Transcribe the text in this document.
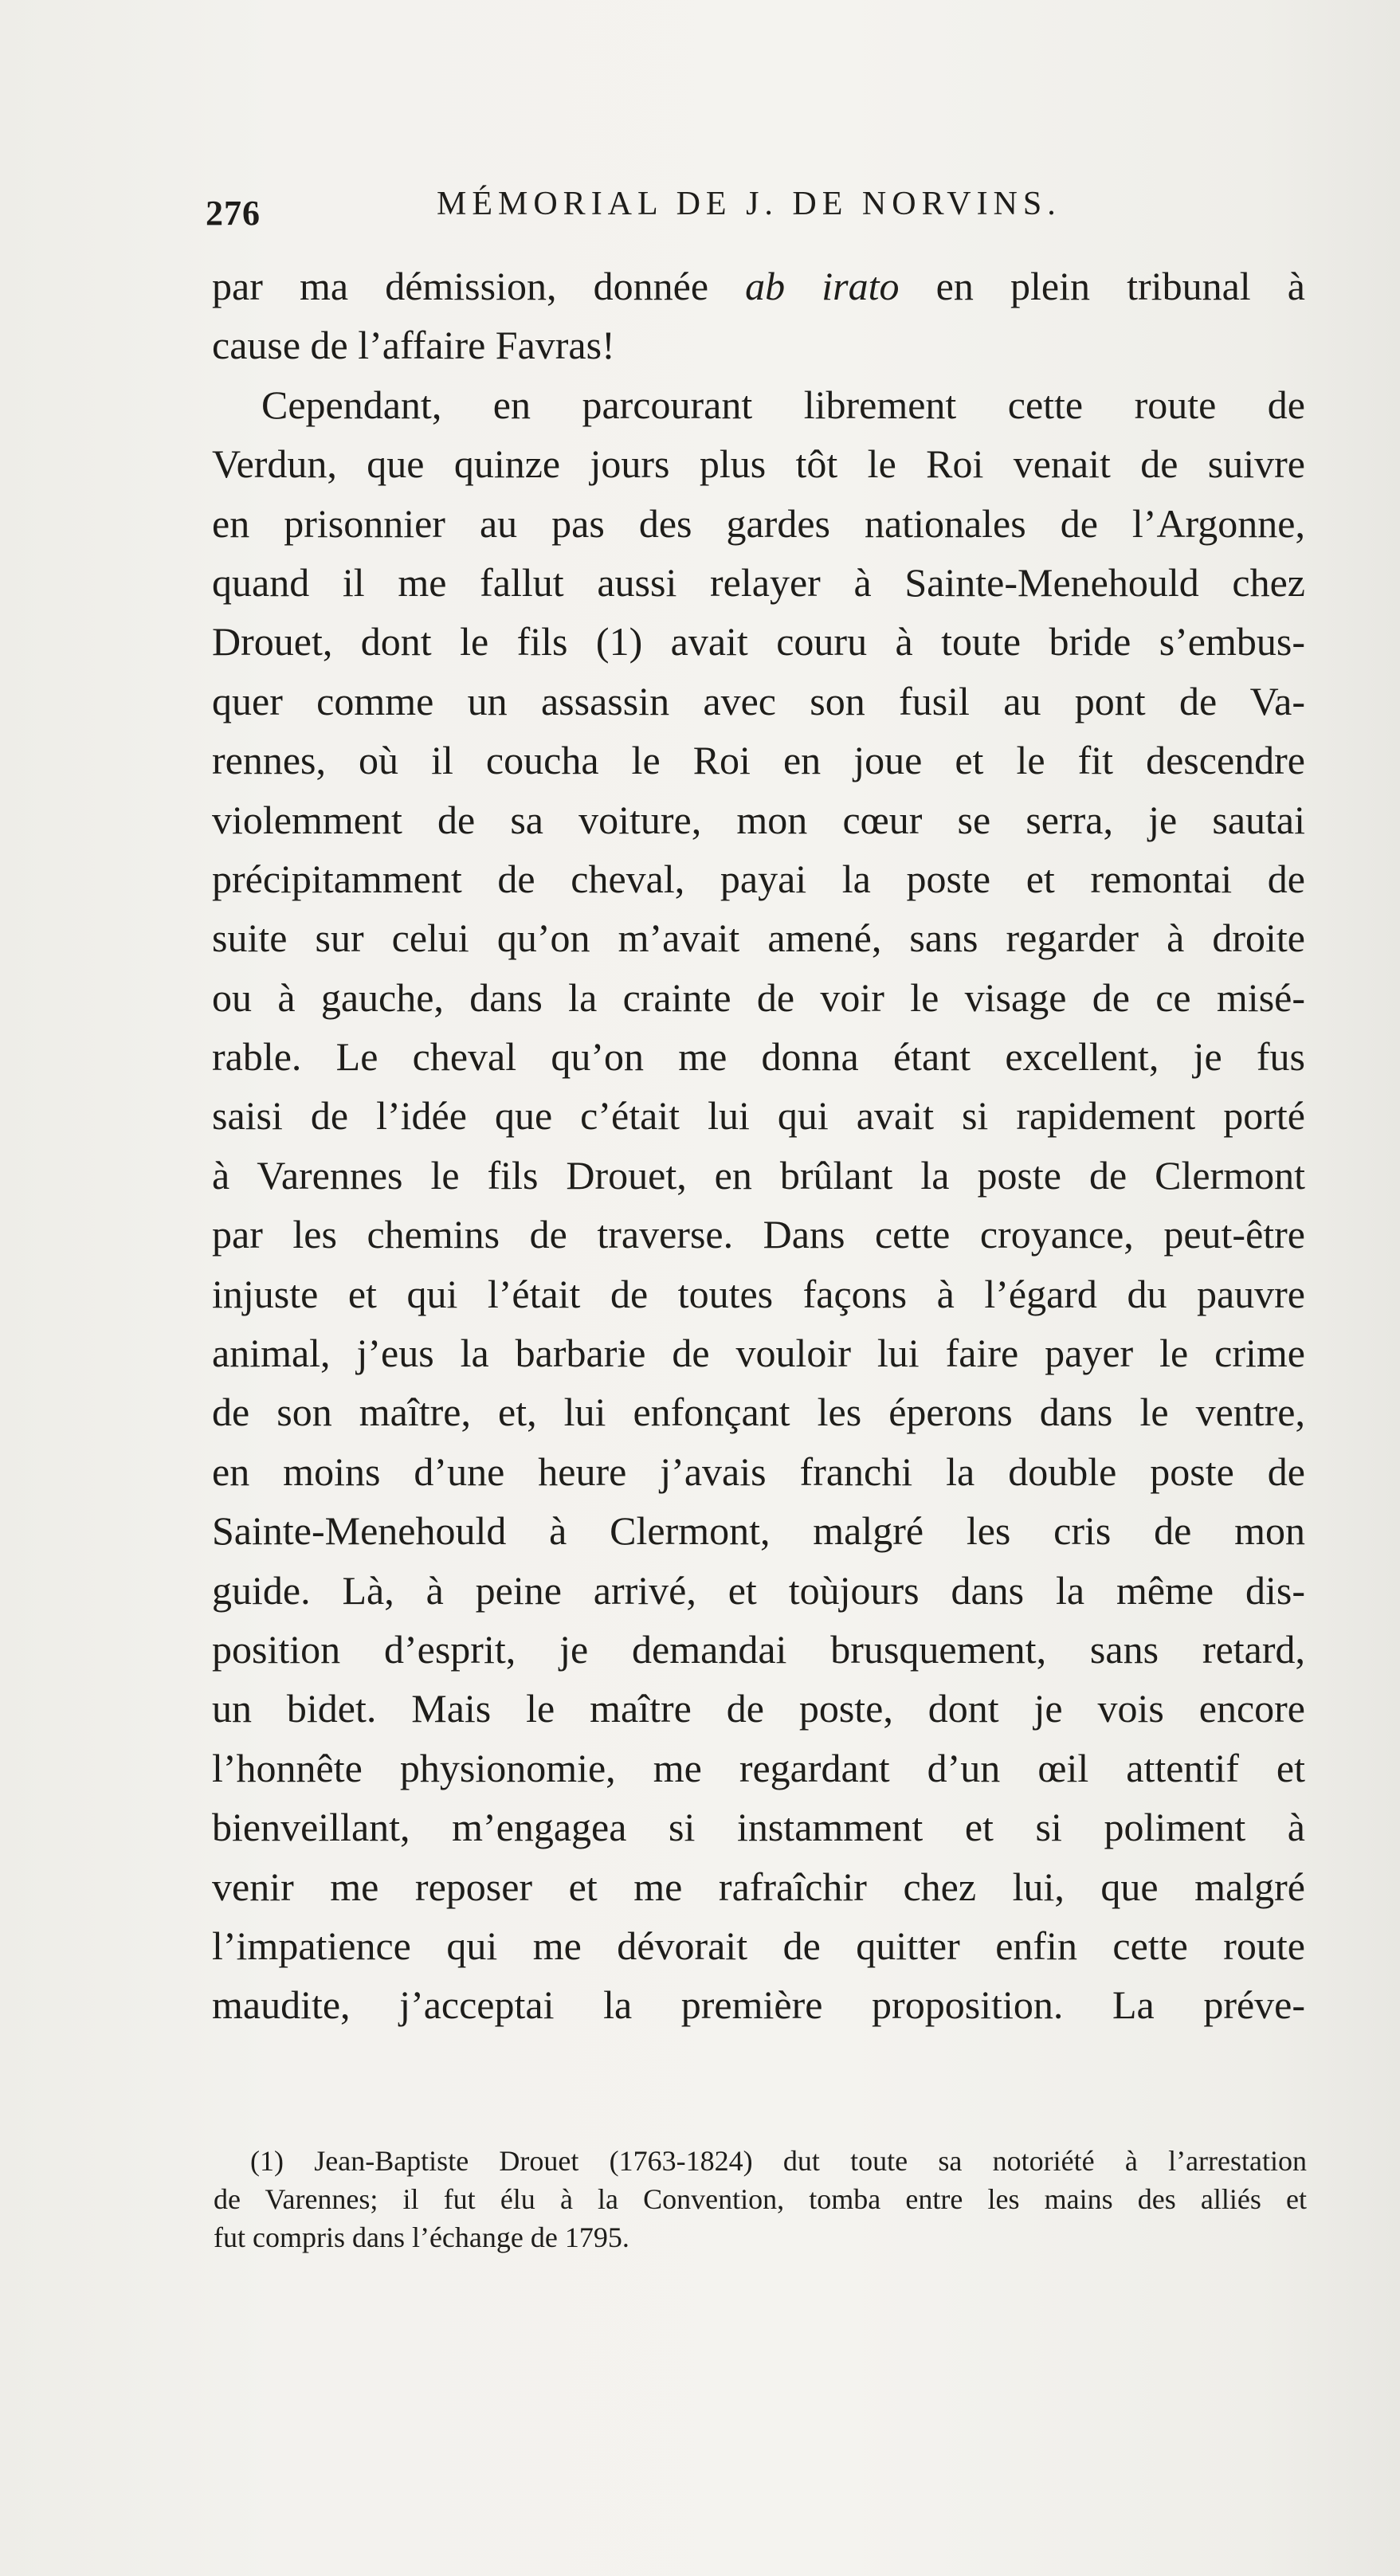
276	MÉMORIAL DE J. DE NORVINS.
par ma démission, donnée ab irato en plein tribunal à
cause de l’affaire Favras!
Cependant, en parcourant librement cette route de
Verdun, que quinze jours plus tôt le Roi venait de suivre
en prisonnier au pas des gardes nationales de l’Argonne,
quand il me fallut aussi relayer à Sainte-Menehould chez
Drouet, dont le fils (1) avait couru à toute bride s’embus-
quer comme un assassin avec son fusil au pont de Va-
rennes, où il coucha le Roi en joue et le fit descendre
violemment de sa voiture, mon cœur se serra, je sautai
précipitamment de cheval, payai la poste et remontai de
suite sur celui qu’on m’avait amené, sans regarder à droite
ou à gauche, dans la crainte de voir le visage de ce misé-
rable. Le cheval qu’on me donna étant excellent, je fus
saisi de l’idée que c’était lui qui avait si rapidement porté
à Varennes le fils Drouet, en brûlant la poste de Clermont
par les chemins de traverse. Dans cette croyance, peut-être
injuste et qui l’était de toutes façons à l’égard du pauvre
animal, j’eus la barbarie de vouloir lui faire payer le crime
de son maître, et, lui enfonçant les éperons dans le ventre,
en moins d’une heure j’avais franchi la double poste de
Sainte-Menehould à Clermont, malgré les cris de mon
guide. Là, à peine arrivé, et toùjours dans la même dis-
position d’esprit, je demandai brusquement, sans retard,
un bidet. Mais le maître de poste, dont je vois encore
l’honnête physionomie, me regardant d’un œil attentif et
bienveillant, m’engagea si instamment et si poliment à
venir me reposer et me rafraîchir chez lui, que malgré
l’impatience qui me dévorait de quitter enfin cette route
maudite, j’acceptai la première proposition. La préve-
(1) Jean-Baptiste Drouet (1763-1824) dut toute sa notoriété à l’arrestation
de Varennes; il fut élu à la Convention, tomba entre les mains des alliés et
fut compris dans l’échange de 1795.
